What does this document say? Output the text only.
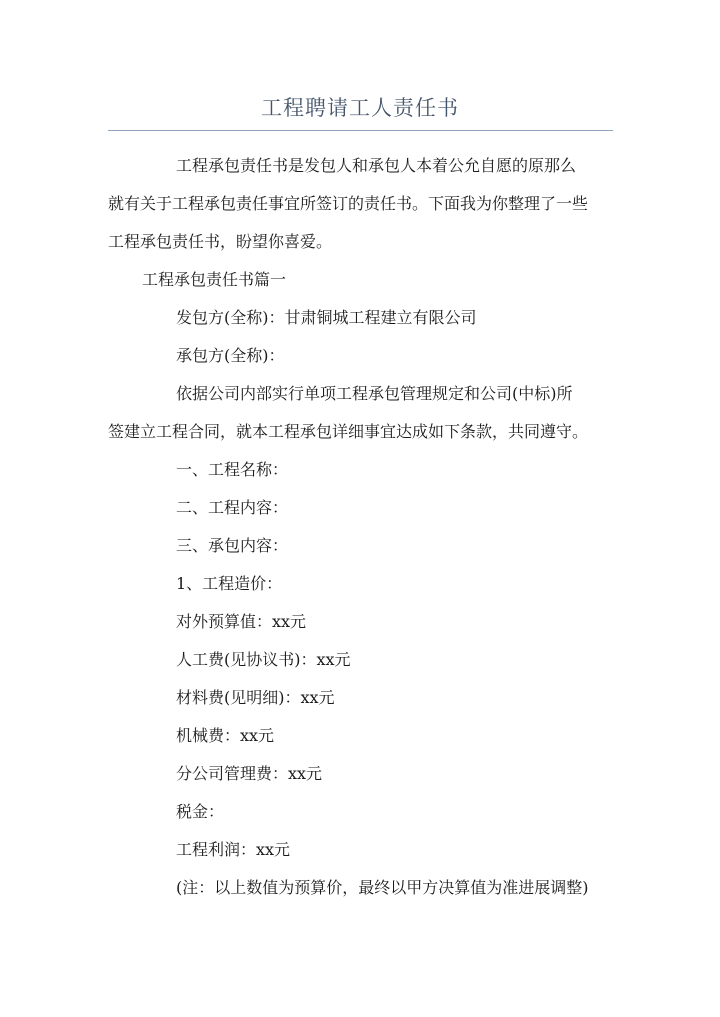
工程聘请工人责任书
工程承包责任书是发包人和承包人本着公允自愿的原那么
就有关于工程承包责任事宜所签订的责任书。下面我为你整理了一些
工程承包责任书，盼望你喜爱。
工程承包责任书篇一
发包方(全称)：甘肃铜城工程建立有限公司
承包方(全称)：
依据公司内部实行单项工程承包管理规定和公司(中标)所
签建立工程合同，就本工程承包详细事宜达成如下条款，共同遵守。
一、工程名称：
二、工程内容：
三、承包内容：
1、工程造价：
对外预算值：xx元
人工费(见协议书)：xx元
材料费(见明细)：xx元
机械费：xx元
分公司管理费：xx元
税金：
工程利润：xx元
(注：以上数值为预算价，最终以甲方决算值为准进展调整)
